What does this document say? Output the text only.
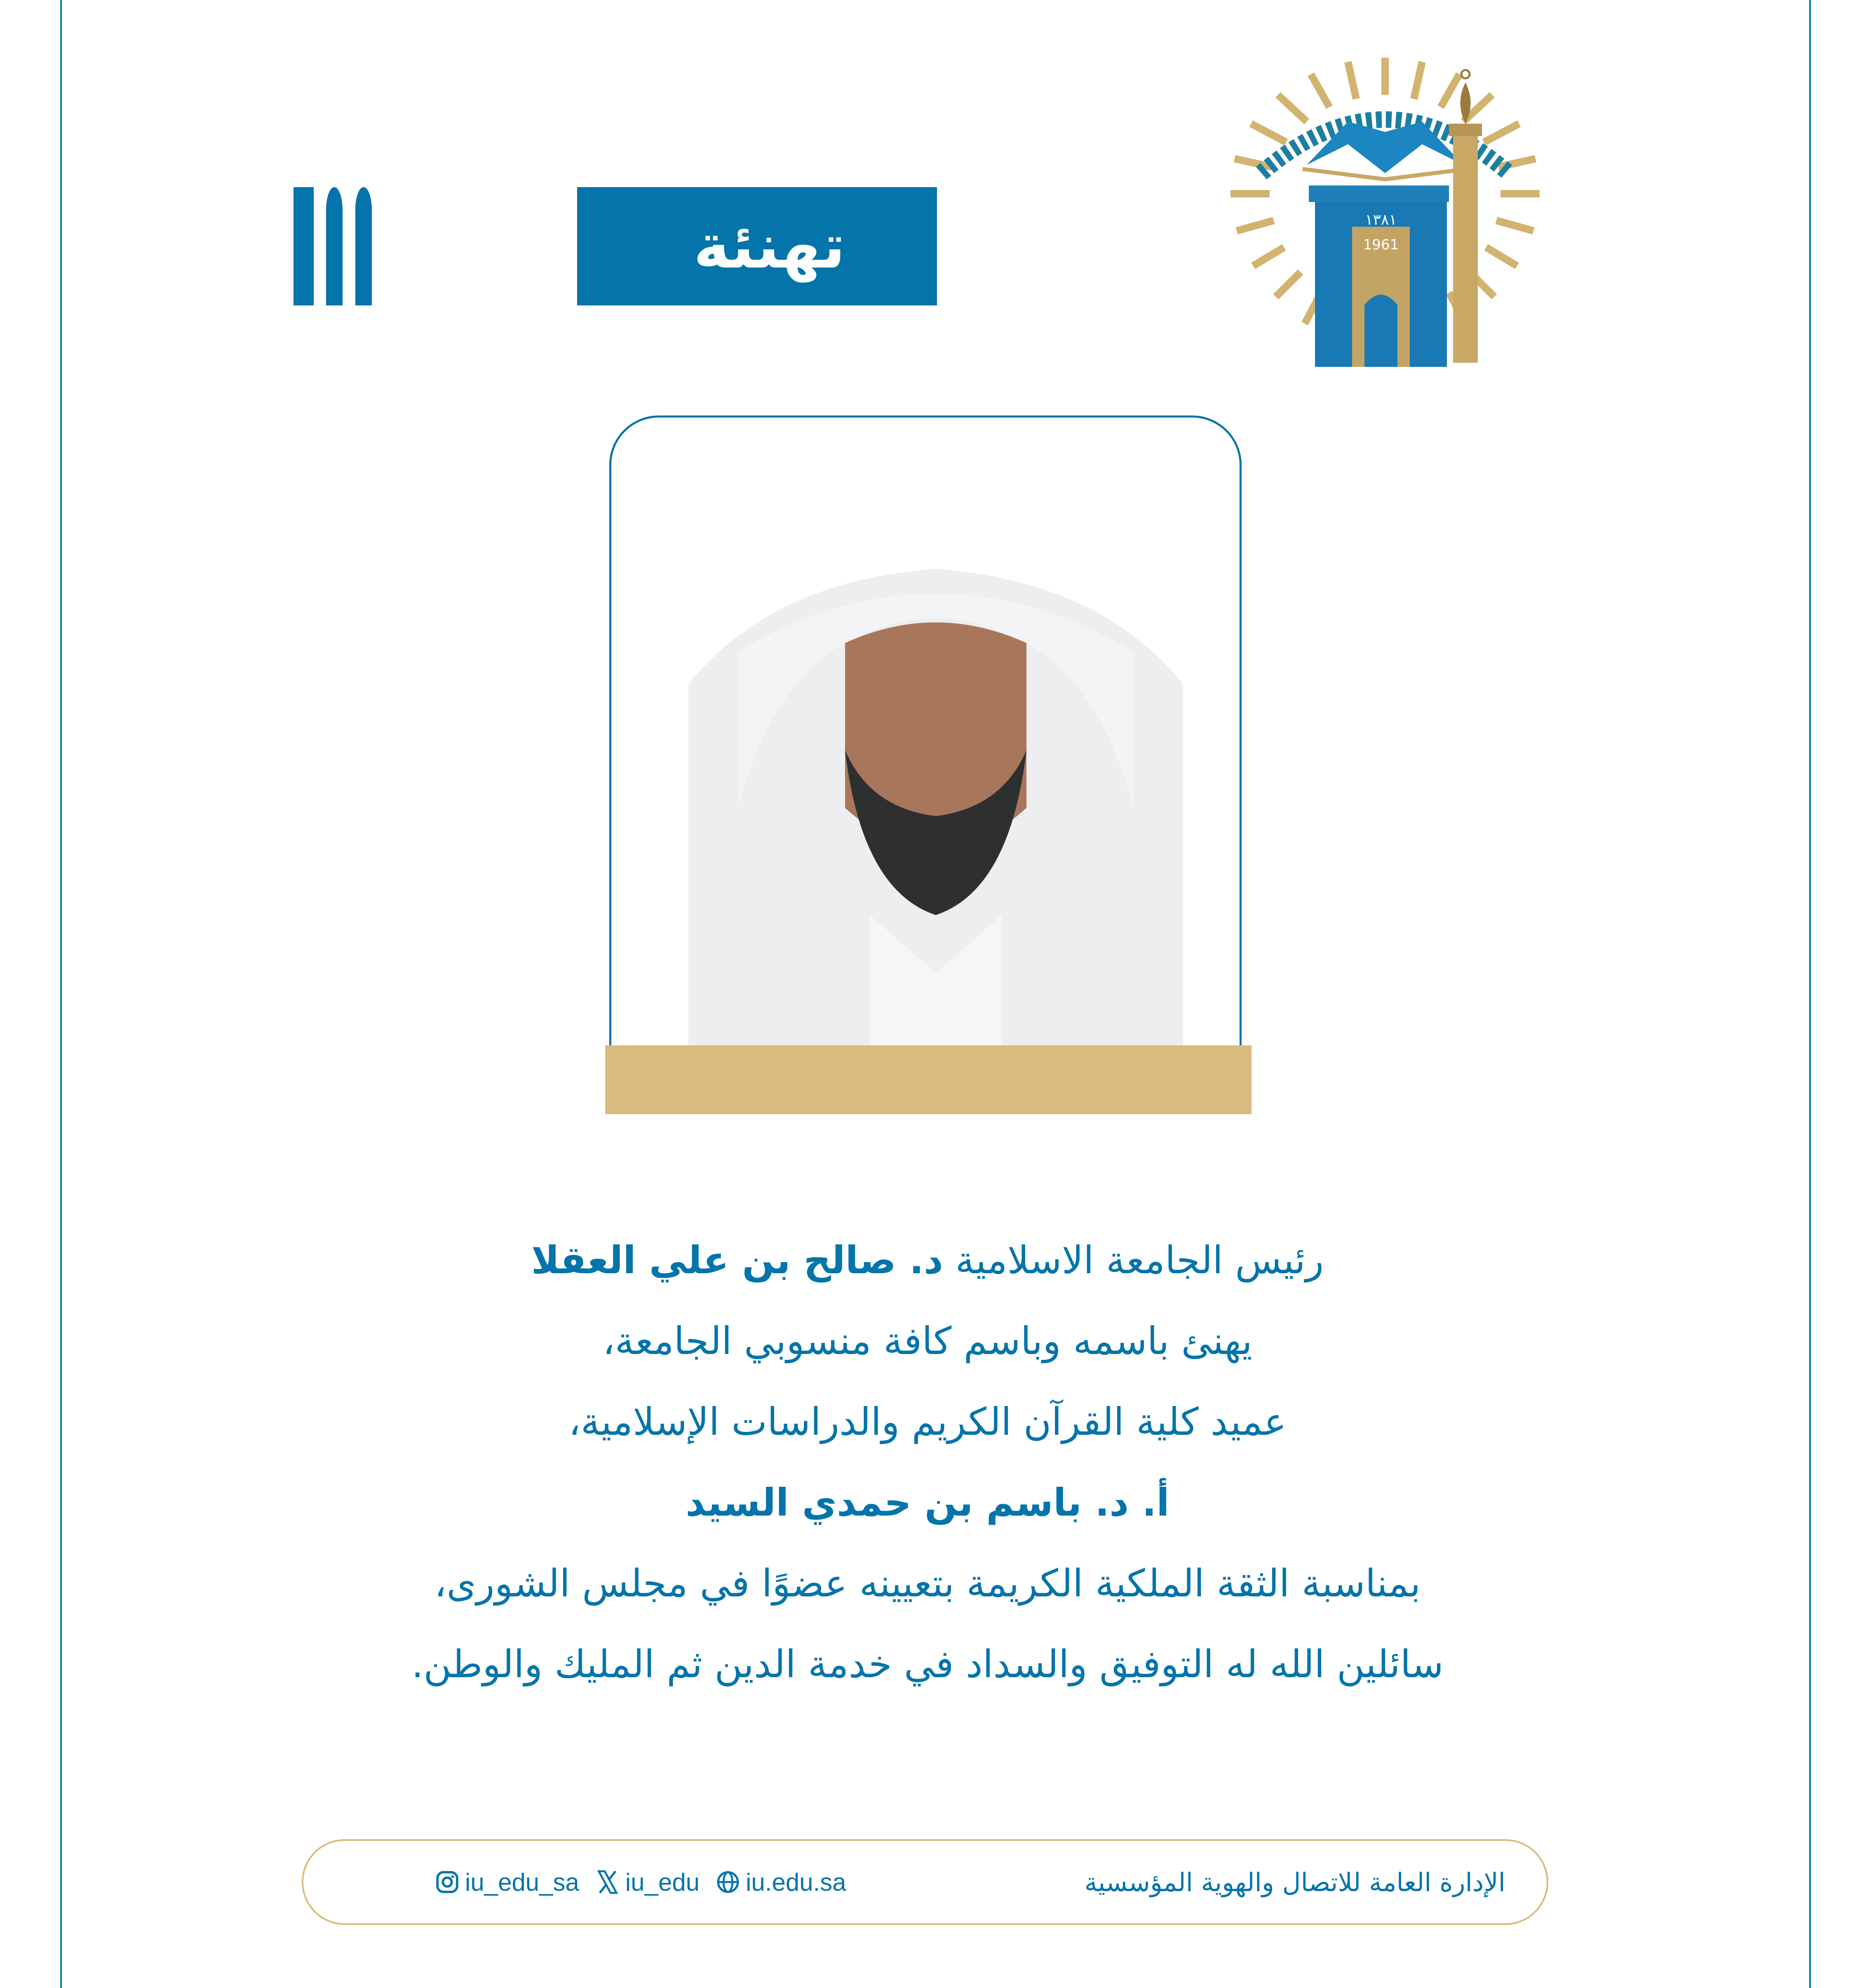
تهنئة	١٣٨١
1961
رئيس الجامعة الاسلامية د. صالح بن علي العقلا
يهنئ باسمه وباسم كافة منسوبي الجامعة،
عميد كلية القرآن الكريم والدراسات الإسلامية،
أ. د. باسم بن حمدي السيد
بمناسبة الثقة الملكية الكريمة بتعيينه عضوًا في مجلس الشورى،
سائلين الله له التوفيق والسداد في خدمة الدين ثم المليك والوطن.
الإدارة العامة للاتصال والهوية المؤسسية
iu_edu_sa iu_edu iu.edu.sa
